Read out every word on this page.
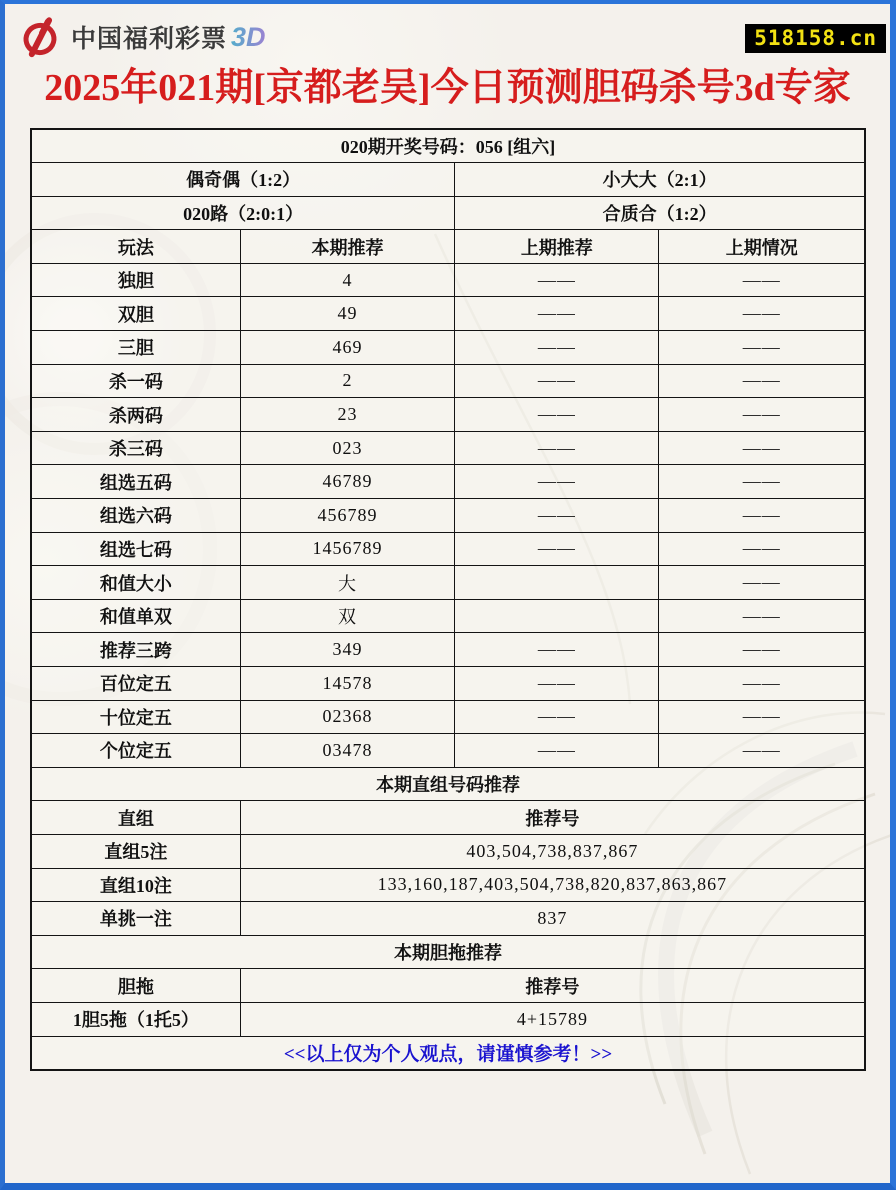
中国福利彩票 3D	518158.cn
2025年021期[京都老吴]今日预测胆码杀号3d专家
020期开奖号码：056 [组六]			
偶奇偶（1:2）		小大大（2:1）	
020路（2:0:1）		合质合（1:2）	
玩法	本期推荐	上期推荐	上期情况
独胆	4	——	——
双胆	49	——	——
三胆	469	——	——
杀一码	2	——	——
杀两码	23	——	——
杀三码	023	——	——
组选五码	46789	——	——
组选六码	456789	——	——
组选七码	1456789	——	——
和值大小	大		——
和值单双	双		——
推荐三跨	349	——	——
百位定五	14578	——	——
十位定五	02368	——	——
个位定五	03478	——	——
本期直组号码推荐			
直组	推荐号		
直组5注	403,504,738,837,867		
直组10注	133,160,187,403,504,738,820,837,863,867		
单挑一注	837		
本期胆拖推荐			
胆拖	推荐号		
1胆5拖（1托5）	4+15789		
<<以上仅为个人观点，请谨慎参考！>>			
